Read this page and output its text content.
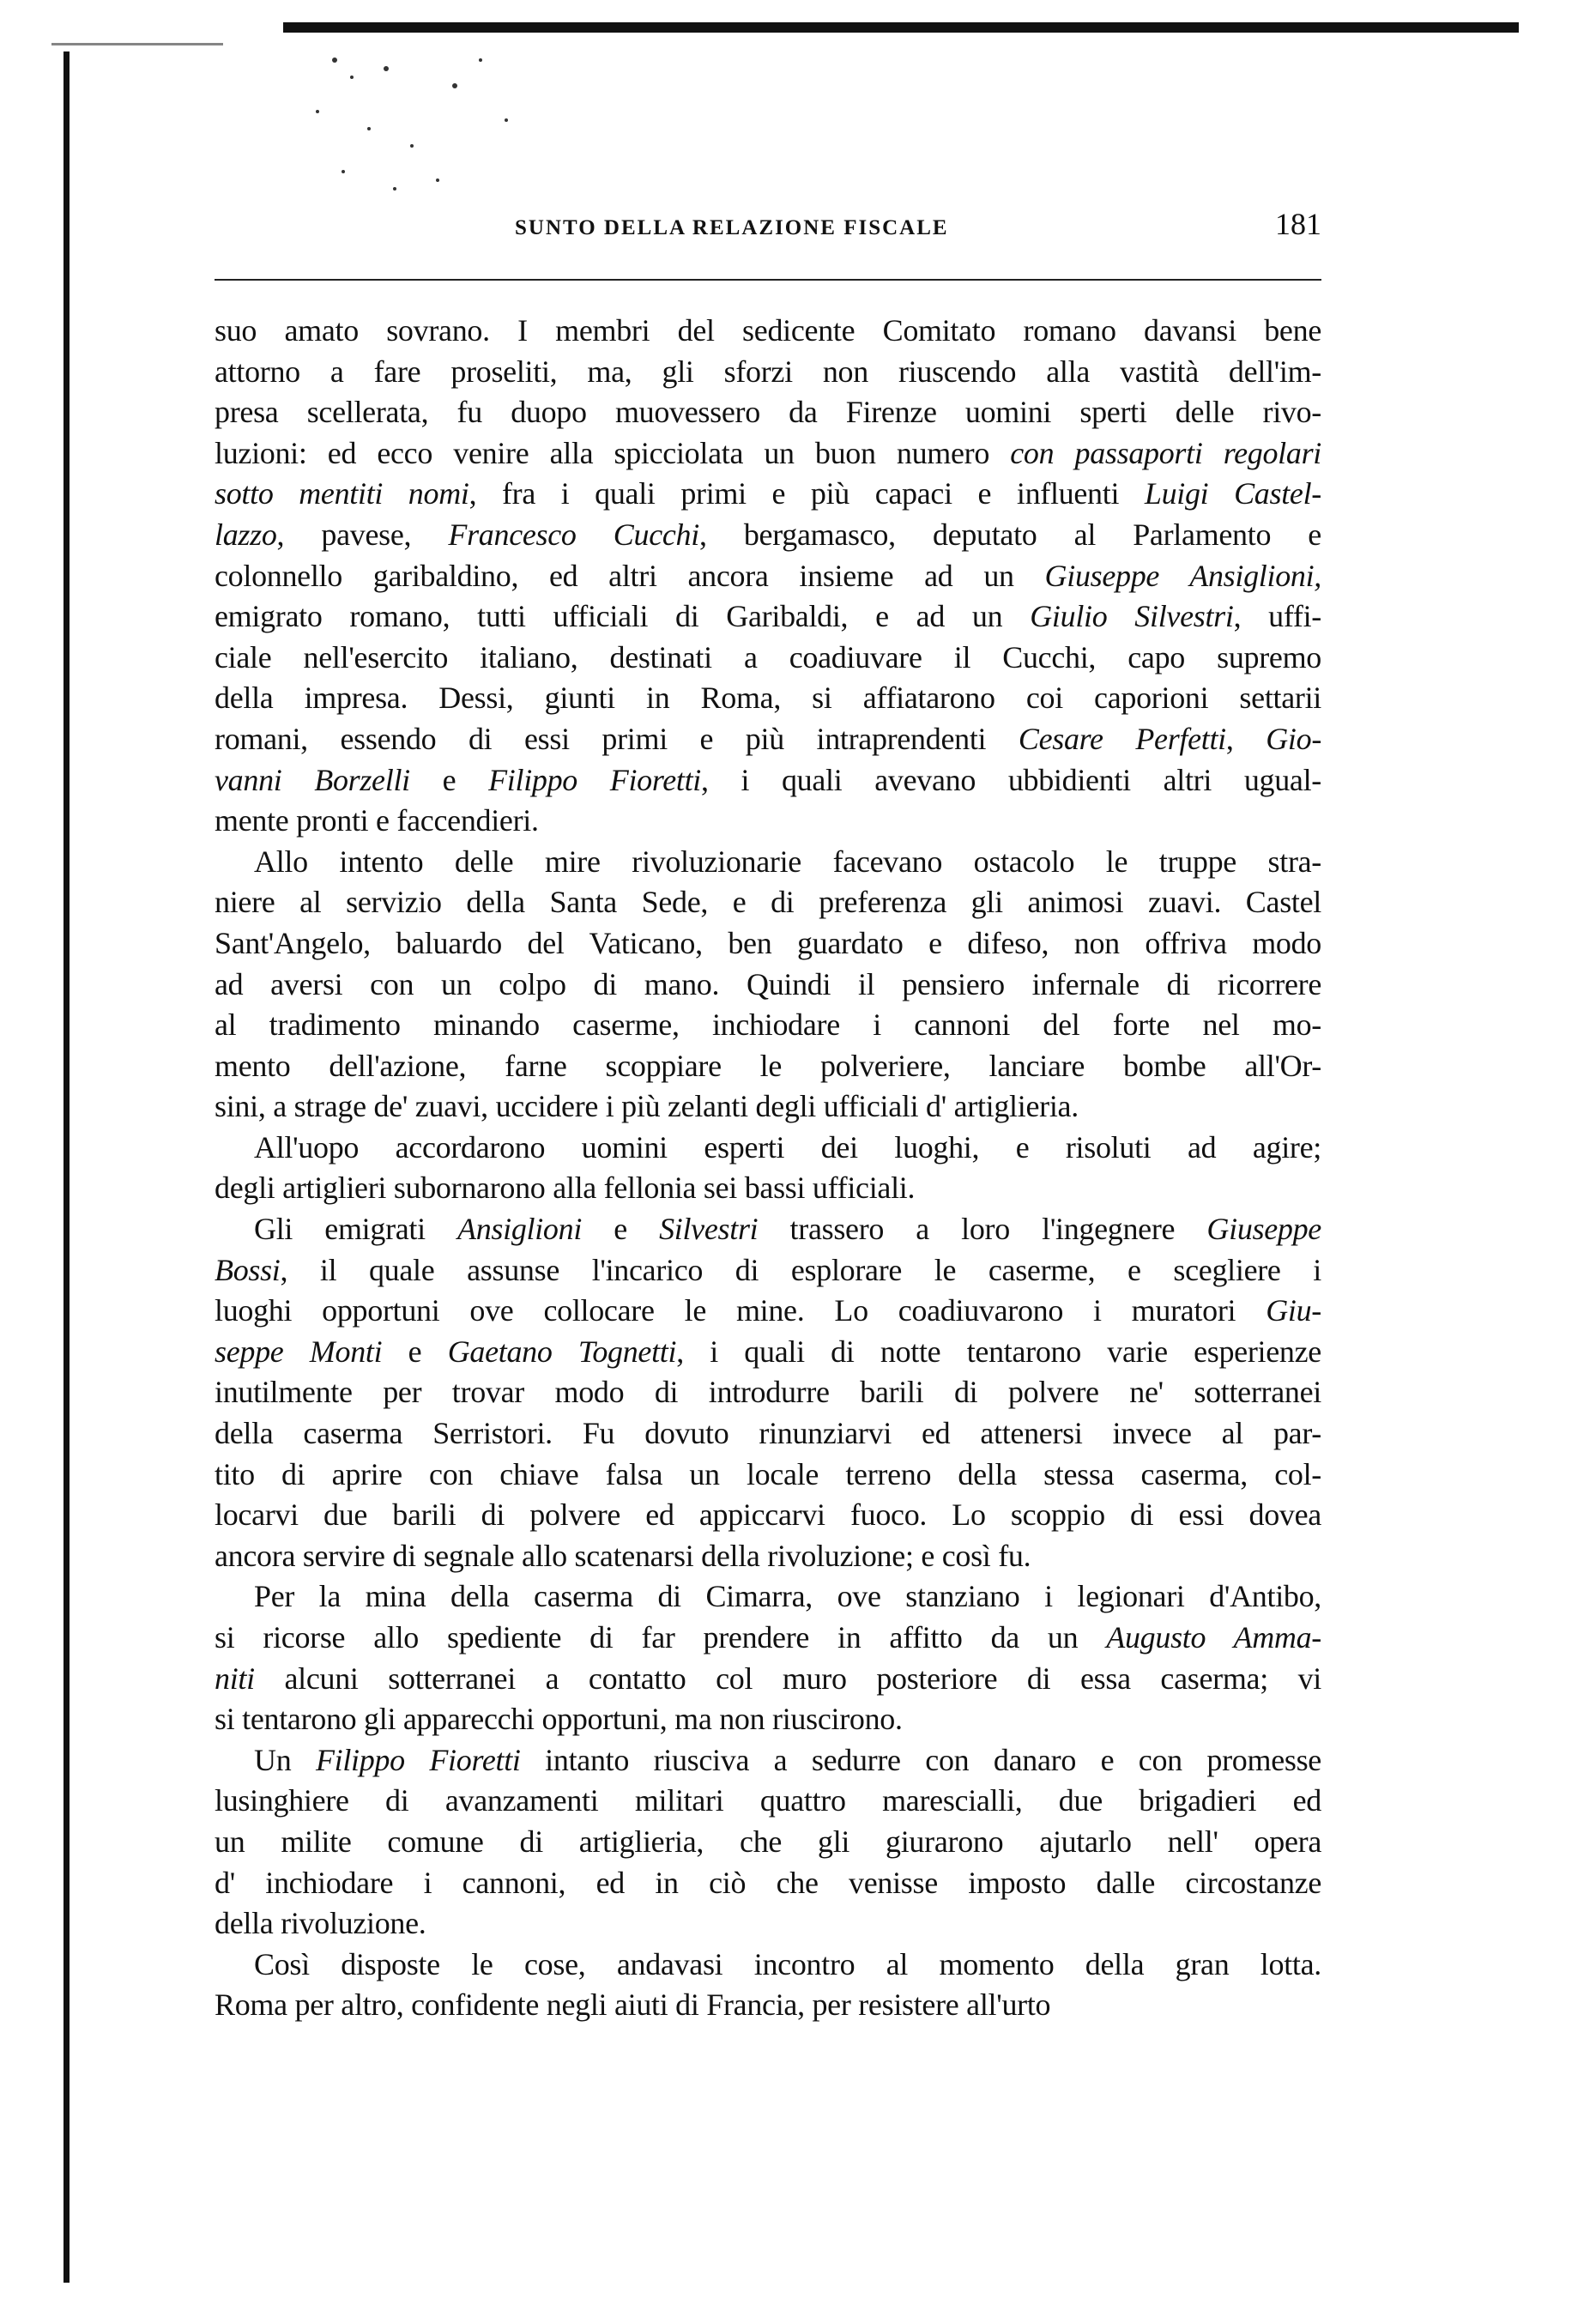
SUNTO DELLA RELAZIONE FISCALE	181
suo amato sovrano. I membri del sedicente Comitato romano davansi bene
attorno a fare proseliti, ma, gli sforzi non riuscendo alla vastità dell'im-
presa scellerata, fu duopo muovessero da Firenze uomini sperti delle rivo-
luzioni: ed ecco venire alla spicciolata un buon numero con passaporti regolari
sotto mentiti nomi, fra i quali primi e più capaci e influenti Luigi Castel-
lazzo, pavese, Francesco Cucchi, bergamasco, deputato al Parlamento e
colonnello garibaldino, ed altri ancora insieme ad un Giuseppe Ansiglioni,
emigrato romano, tutti ufficiali di Garibaldi, e ad un Giulio Silvestri, uffi-
ciale nell'esercito italiano, destinati a coadiuvare il Cucchi, capo supremo
della impresa. Dessi, giunti in Roma, si affiatarono coi caporioni settarii
romani, essendo di essi primi e più intraprendenti Cesare Perfetti, Gio-
vanni Borzelli e Filippo Fioretti, i quali avevano ubbidienti altri ugual-
mente pronti e faccendieri.
Allo intento delle mire rivoluzionarie facevano ostacolo le truppe stra-
niere al servizio della Santa Sede, e di preferenza gli animosi zuavi. Castel
Sant'Angelo, baluardo del Vaticano, ben guardato e difeso, non offriva modo
ad aversi con un colpo di mano. Quindi il pensiero infernale di ricorrere
al tradimento minando caserme, inchiodare i cannoni del forte nel mo-
mento dell'azione, farne scoppiare le polveriere, lanciare bombe all'Or-
sini, a strage de' zuavi, uccidere i più zelanti degli ufficiali d' artiglieria.
All'uopo accordarono uomini esperti dei luoghi, e risoluti ad agire;
degli artiglieri subornarono alla fellonia sei bassi ufficiali.
Gli emigrati Ansiglioni e Silvestri trassero a loro l'ingegnere Giuseppe
Bossi, il quale assunse l'incarico di esplorare le caserme, e scegliere i
luoghi opportuni ove collocare le mine. Lo coadiuvarono i muratori Giu-
seppe Monti e Gaetano Tognetti, i quali di notte tentarono varie esperienze
inutilmente per trovar modo di introdurre barili di polvere ne' sotterranei
della caserma Serristori. Fu dovuto rinunziarvi ed attenersi invece al par-
tito di aprire con chiave falsa un locale terreno della stessa caserma, col-
locarvi due barili di polvere ed appiccarvi fuoco. Lo scoppio di essi dovea
ancora servire di segnale allo scatenarsi della rivoluzione; e così fu.
Per la mina della caserma di Cimarra, ove stanziano i legionari d'Antibo,
si ricorse allo spediente di far prendere in affitto da un Augusto Amma-
niti alcuni sotterranei a contatto col muro posteriore di essa caserma; vi
si tentarono gli apparecchi opportuni, ma non riuscirono.
Un Filippo Fioretti intanto riusciva a sedurre con danaro e con promesse
lusinghiere di avanzamenti militari quattro marescialli, due brigadieri ed
un milite comune di artiglieria, che gli giurarono ajutarlo nell' opera
d' inchiodare i cannoni, ed in ciò che venisse imposto dalle circostanze
della rivoluzione.
Così disposte le cose, andavasi incontro al momento della gran lotta.
Roma per altro, confidente negli aiuti di Francia, per resistere all'urto
